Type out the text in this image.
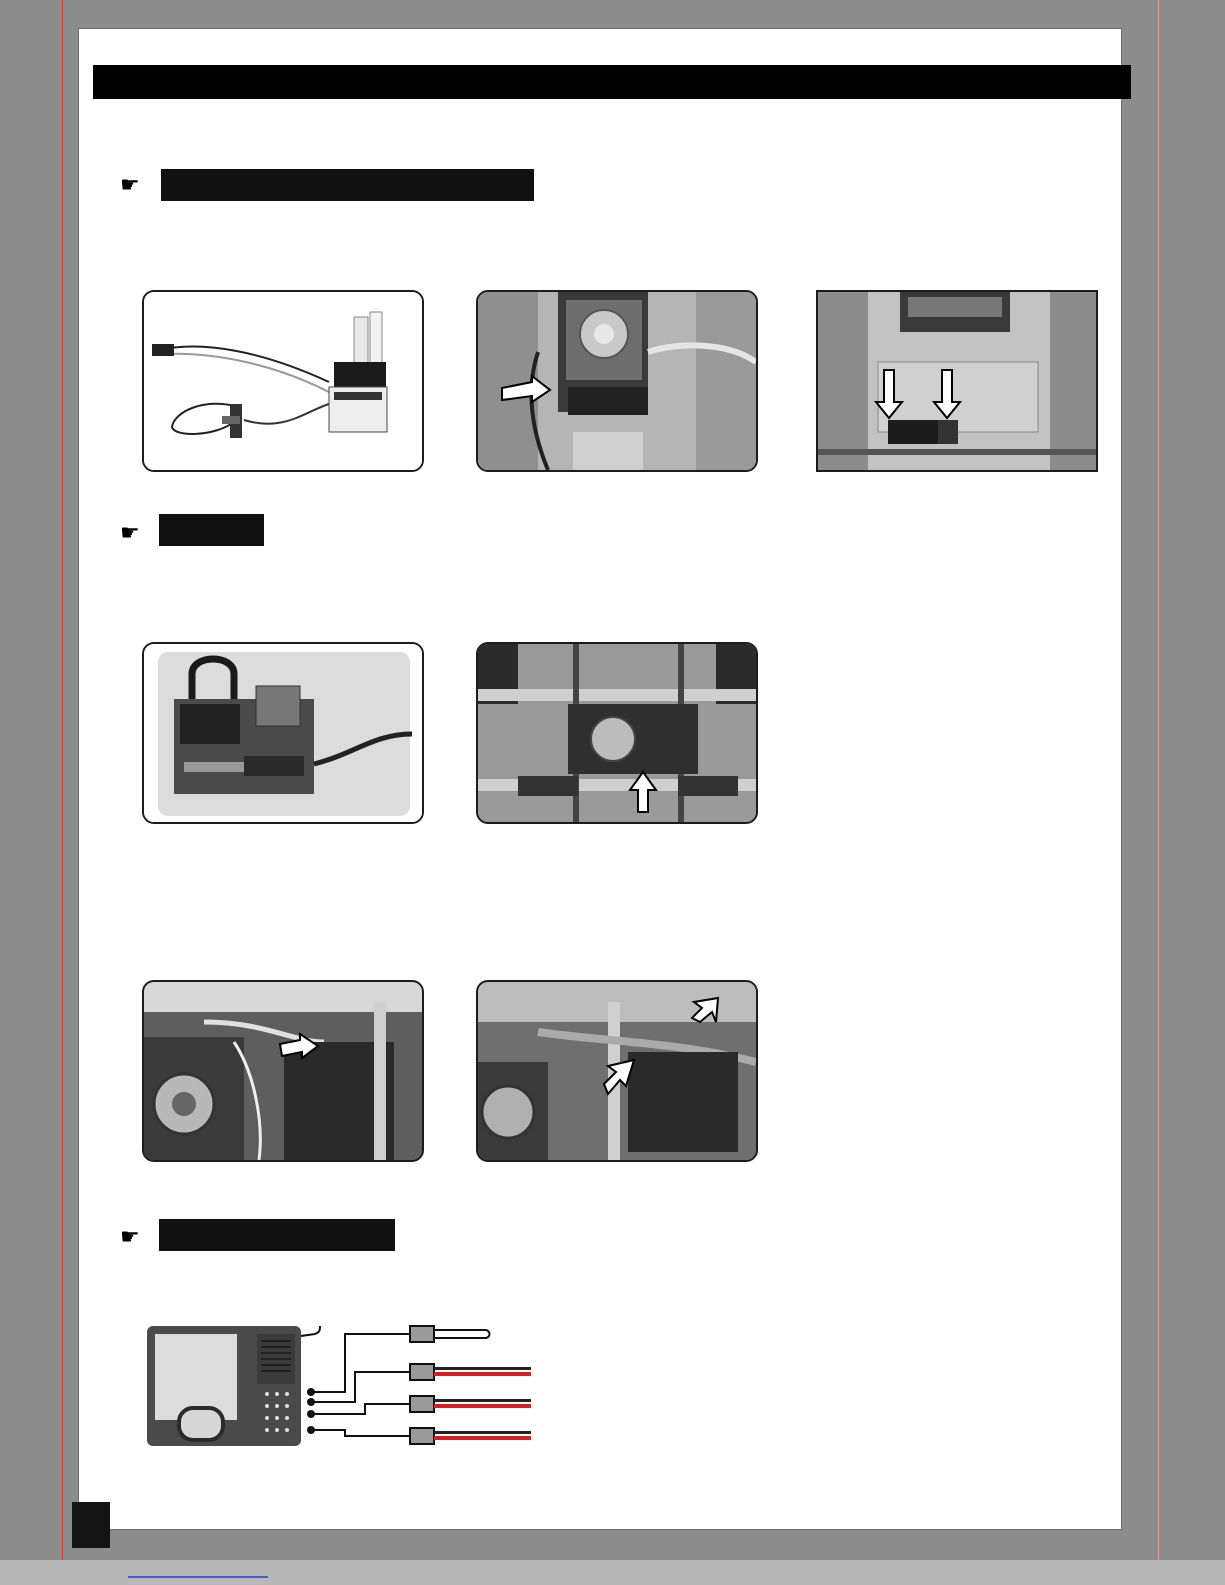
☛
☛
☛
